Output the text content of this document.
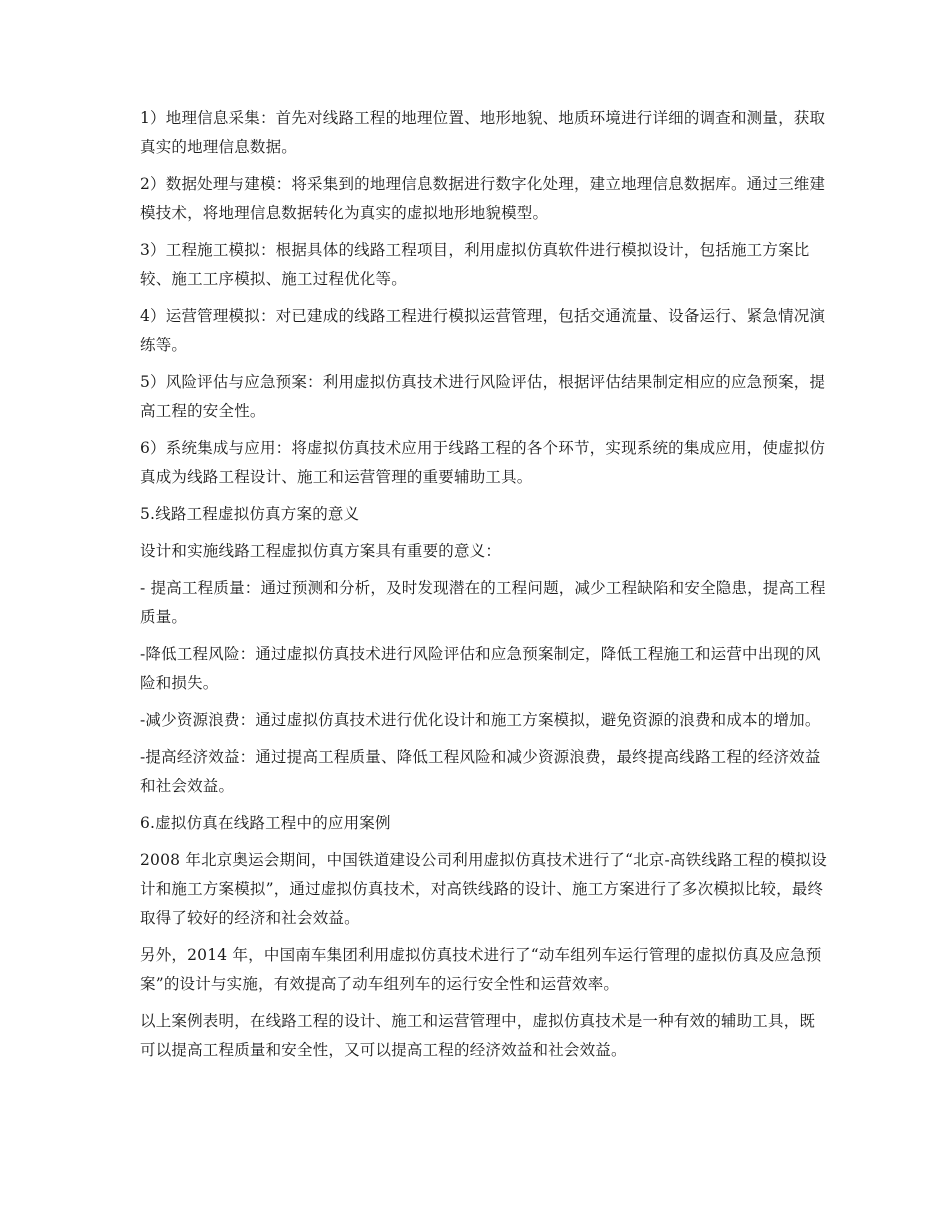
1）地理信息采集：首先对线路工程的地理位置、地形地貌、地质环境进行详细的调查和测量，获取真实的地理信息数据。

2）数据处理与建模：将采集到的地理信息数据进行数字化处理，建立地理信息数据库。通过三维建模技术，将地理信息数据转化为真实的虚拟地形地貌模型。

3）工程施工模拟：根据具体的线路工程项目，利用虚拟仿真软件进行模拟设计，包括施工方案比较、施工工序模拟、施工过程优化等。

4）运营管理模拟：对已建成的线路工程进行模拟运营管理，包括交通流量、设备运行、紧急情况演练等。

5）风险评估与应急预案：利用虚拟仿真技术进行风险评估，根据评估结果制定相应的应急预案，提高工程的安全性。

6）系统集成与应用：将虚拟仿真技术应用于线路工程的各个环节，实现系统的集成应用，使虚拟仿真成为线路工程设计、施工和运营管理的重要辅助工具。

5.线路工程虚拟仿真方案的意义

设计和实施线路工程虚拟仿真方案具有重要的意义：

- 提高工程质量：通过预测和分析，及时发现潜在的工程问题，减少工程缺陷和安全隐患，提高工程质量。

-降低工程风险：通过虚拟仿真技术进行风险评估和应急预案制定，降低工程施工和运营中出现的风险和损失。

-减少资源浪费：通过虚拟仿真技术进行优化设计和施工方案模拟，避免资源的浪费和成本的增加。

-提高经济效益：通过提高工程质量、降低工程风险和减少资源浪费，最终提高线路工程的经济效益和社会效益。

6.虚拟仿真在线路工程中的应用案例

2008 年北京奥运会期间，中国铁道建设公司利用虚拟仿真技术进行了“北京-高铁线路工程的模拟设计和施工方案模拟”，通过虚拟仿真技术，对高铁线路的设计、施工方案进行了多次模拟比较，最终取得了较好的经济和社会效益。

另外，2014 年，中国南车集团利用虚拟仿真技术进行了“动车组列车运行管理的虚拟仿真及应急预案”的设计与实施，有效提高了动车组列车的运行安全性和运营效率。

以上案例表明，在线路工程的设计、施工和运营管理中，虚拟仿真技术是一种有效的辅助工具，既可以提高工程质量和安全性，又可以提高工程的经济效益和社会效益。
